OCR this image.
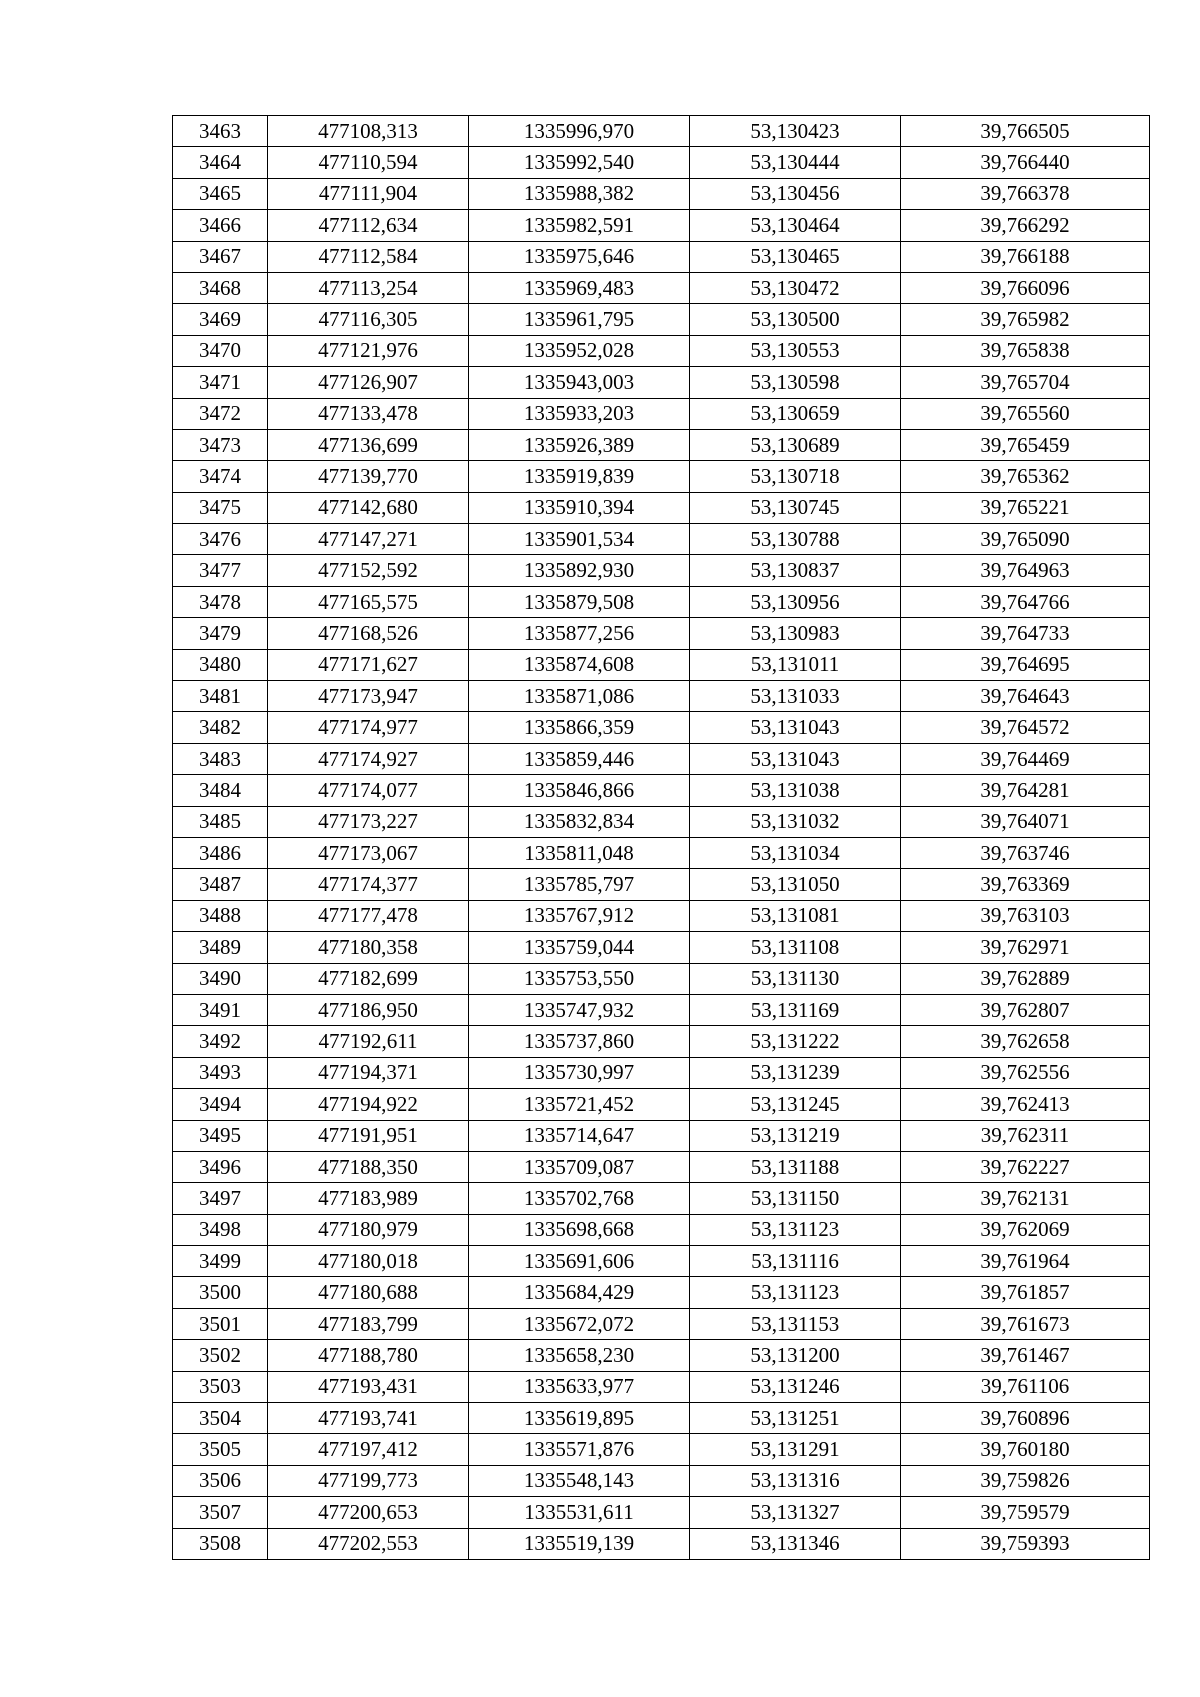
3463	477108,313	1335996,970	53,130423	39,766505
3464	477110,594	1335992,540	53,130444	39,766440
3465	477111,904	1335988,382	53,130456	39,766378
3466	477112,634	1335982,591	53,130464	39,766292
3467	477112,584	1335975,646	53,130465	39,766188
3468	477113,254	1335969,483	53,130472	39,766096
3469	477116,305	1335961,795	53,130500	39,765982
3470	477121,976	1335952,028	53,130553	39,765838
3471	477126,907	1335943,003	53,130598	39,765704
3472	477133,478	1335933,203	53,130659	39,765560
3473	477136,699	1335926,389	53,130689	39,765459
3474	477139,770	1335919,839	53,130718	39,765362
3475	477142,680	1335910,394	53,130745	39,765221
3476	477147,271	1335901,534	53,130788	39,765090
3477	477152,592	1335892,930	53,130837	39,764963
3478	477165,575	1335879,508	53,130956	39,764766
3479	477168,526	1335877,256	53,130983	39,764733
3480	477171,627	1335874,608	53,131011	39,764695
3481	477173,947	1335871,086	53,131033	39,764643
3482	477174,977	1335866,359	53,131043	39,764572
3483	477174,927	1335859,446	53,131043	39,764469
3484	477174,077	1335846,866	53,131038	39,764281
3485	477173,227	1335832,834	53,131032	39,764071
3486	477173,067	1335811,048	53,131034	39,763746
3487	477174,377	1335785,797	53,131050	39,763369
3488	477177,478	1335767,912	53,131081	39,763103
3489	477180,358	1335759,044	53,131108	39,762971
3490	477182,699	1335753,550	53,131130	39,762889
3491	477186,950	1335747,932	53,131169	39,762807
3492	477192,611	1335737,860	53,131222	39,762658
3493	477194,371	1335730,997	53,131239	39,762556
3494	477194,922	1335721,452	53,131245	39,762413
3495	477191,951	1335714,647	53,131219	39,762311
3496	477188,350	1335709,087	53,131188	39,762227
3497	477183,989	1335702,768	53,131150	39,762131
3498	477180,979	1335698,668	53,131123	39,762069
3499	477180,018	1335691,606	53,131116	39,761964
3500	477180,688	1335684,429	53,131123	39,761857
3501	477183,799	1335672,072	53,131153	39,761673
3502	477188,780	1335658,230	53,131200	39,761467
3503	477193,431	1335633,977	53,131246	39,761106
3504	477193,741	1335619,895	53,131251	39,760896
3505	477197,412	1335571,876	53,131291	39,760180
3506	477199,773	1335548,143	53,131316	39,759826
3507	477200,653	1335531,611	53,131327	39,759579
3508	477202,553	1335519,139	53,131346	39,759393
